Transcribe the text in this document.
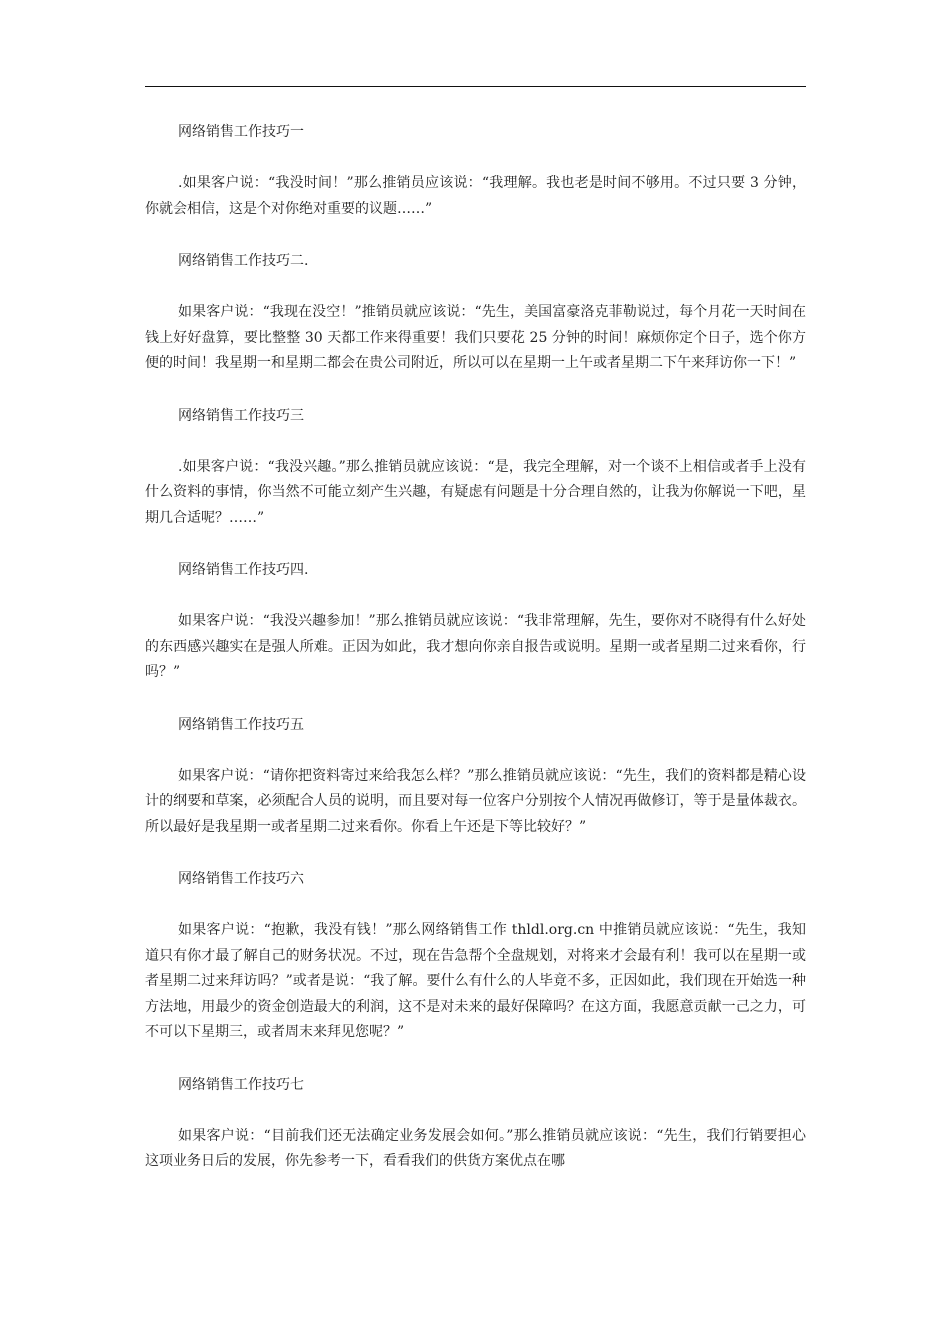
网络销售工作技巧一

.如果客户说：“我没时间！”那么推销员应该说：“我理解。我也老是时间不够用。不过只要 3 分钟，你就会相信，这是个对你绝对重要的议题……”

网络销售工作技巧二.

如果客户说：“我现在没空！”推销员就应该说：“先生，美国富豪洛克菲勒说过，每个月花一天时间在钱上好好盘算，要比整整 30 天都工作来得重要！我们只要花 25 分钟的时间！麻烦你定个日子，选个你方便的时间！我星期一和星期二都会在贵公司附近，所以可以在星期一上午或者星期二下午来拜访你一下！”

网络销售工作技巧三

.如果客户说：“我没兴趣。”那么推销员就应该说：“是，我完全理解，对一个谈不上相信或者手上没有什么资料的事情，你当然不可能立刻产生兴趣，有疑虑有问题是十分合理自然的，让我为你解说一下吧，星期几合适呢？……”

网络销售工作技巧四.

如果客户说：“我没兴趣参加！”那么推销员就应该说：“我非常理解，先生，要你对不晓得有什么好处的东西感兴趣实在是强人所难。正因为如此，我才想向你亲自报告或说明。星期一或者星期二过来看你，行吗？”

网络销售工作技巧五

如果客户说：“请你把资料寄过来给我怎么样？”那么推销员就应该说：“先生，我们的资料都是精心设计的纲要和草案，必须配合人员的说明，而且要对每一位客户分别按个人情况再做修订，等于是量体裁衣。所以最好是我星期一或者星期二过来看你。你看上午还是下等比较好？”

网络销售工作技巧六

如果客户说：“抱歉，我没有钱！”那么网络销售工作 thldl.org.cn 中推销员就应该说：“先生，我知道只有你才最了解自己的财务状况。不过，现在告急帮个全盘规划，对将来才会最有利！我可以在星期一或者星期二过来拜访吗？”或者是说：“我了解。要什么有什么的人毕竟不多，正因如此，我们现在开始选一种方法地，用最少的资金创造最大的利润，这不是对未来的最好保障吗？在这方面，我愿意贡献一己之力，可不可以下星期三，或者周末来拜见您呢？”

网络销售工作技巧七

如果客户说：“目前我们还无法确定业务发展会如何。”那么推销员就应该说：“先生，我们行销要担心这项业务日后的发展，你先参考一下，看看我们的供货方案优点在哪
